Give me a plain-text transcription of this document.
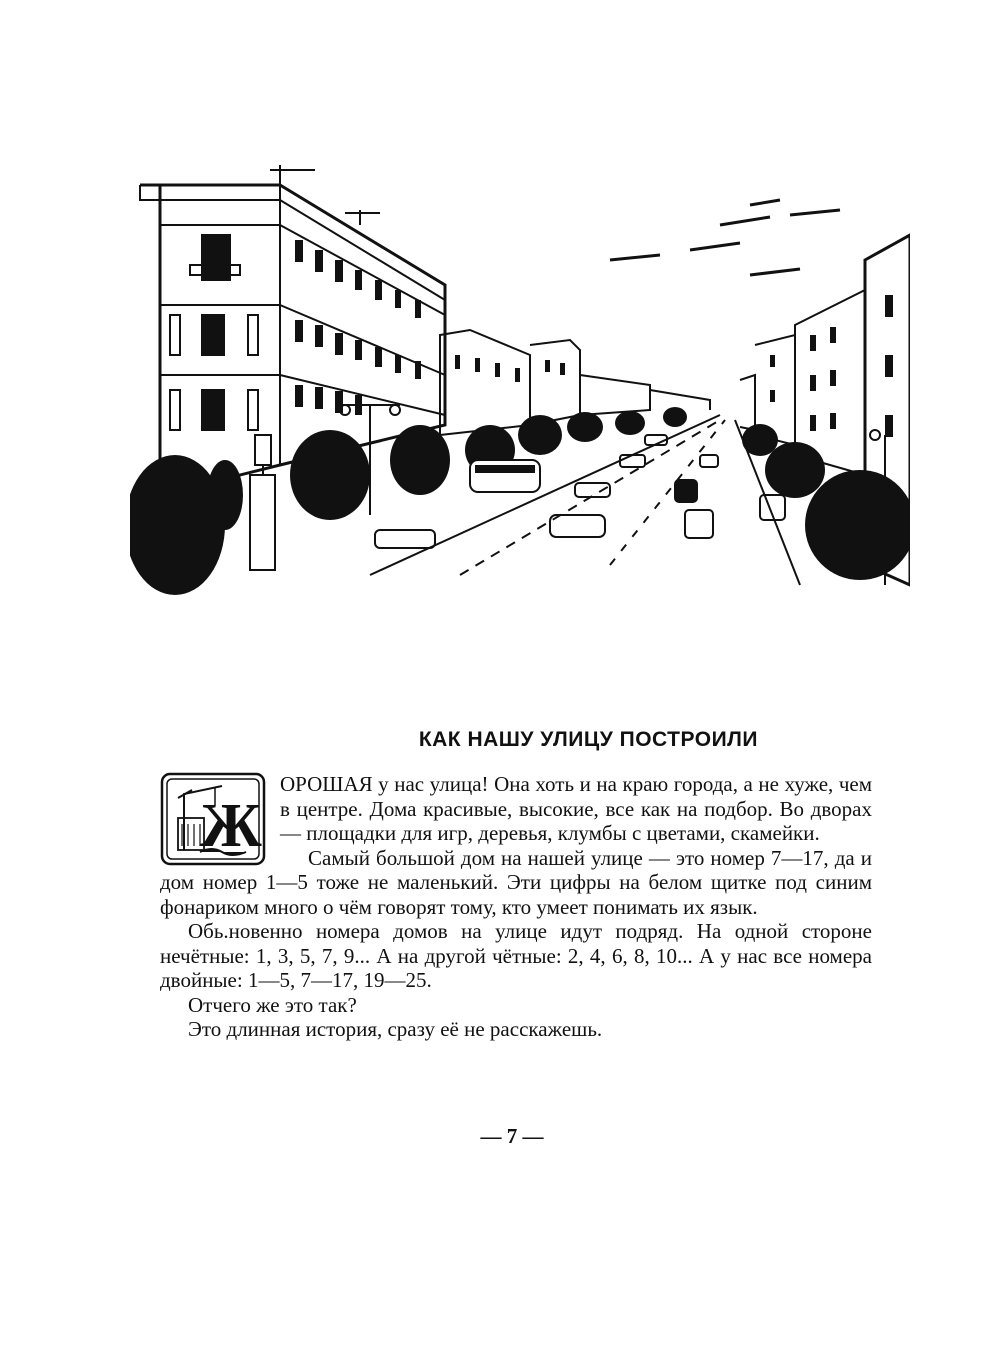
КАК НАШУ УЛИЦУ ПОСТРОИЛИ
Ж

ОРОШАЯ у нас улица! Она хоть и на краю города, а не хуже, чем в центре. Дома красивые, высокие, все как на подбор. Во дворах — площадки для игр, деревья, клумбы с цветами, скамейки.

Самый большой дом на нашей улице — это номер 7—17, да и дом номер 1—5 тоже не маленький. Эти цифры на белом щитке под синим фонариком много о чём говорят тому, кто умеет понимать их язык.

Обь.новенно номера домов на улице идут подряд. На одной стороне нечётные: 1, 3, 5, 7, 9... А на другой чётные: 2, 4, 6, 8, 10... А у нас все номера двойные: 1—5, 7—17, 19—25.

Отчего же это так?

Это длинная история, сразу её не расскажешь.

— 7 —
